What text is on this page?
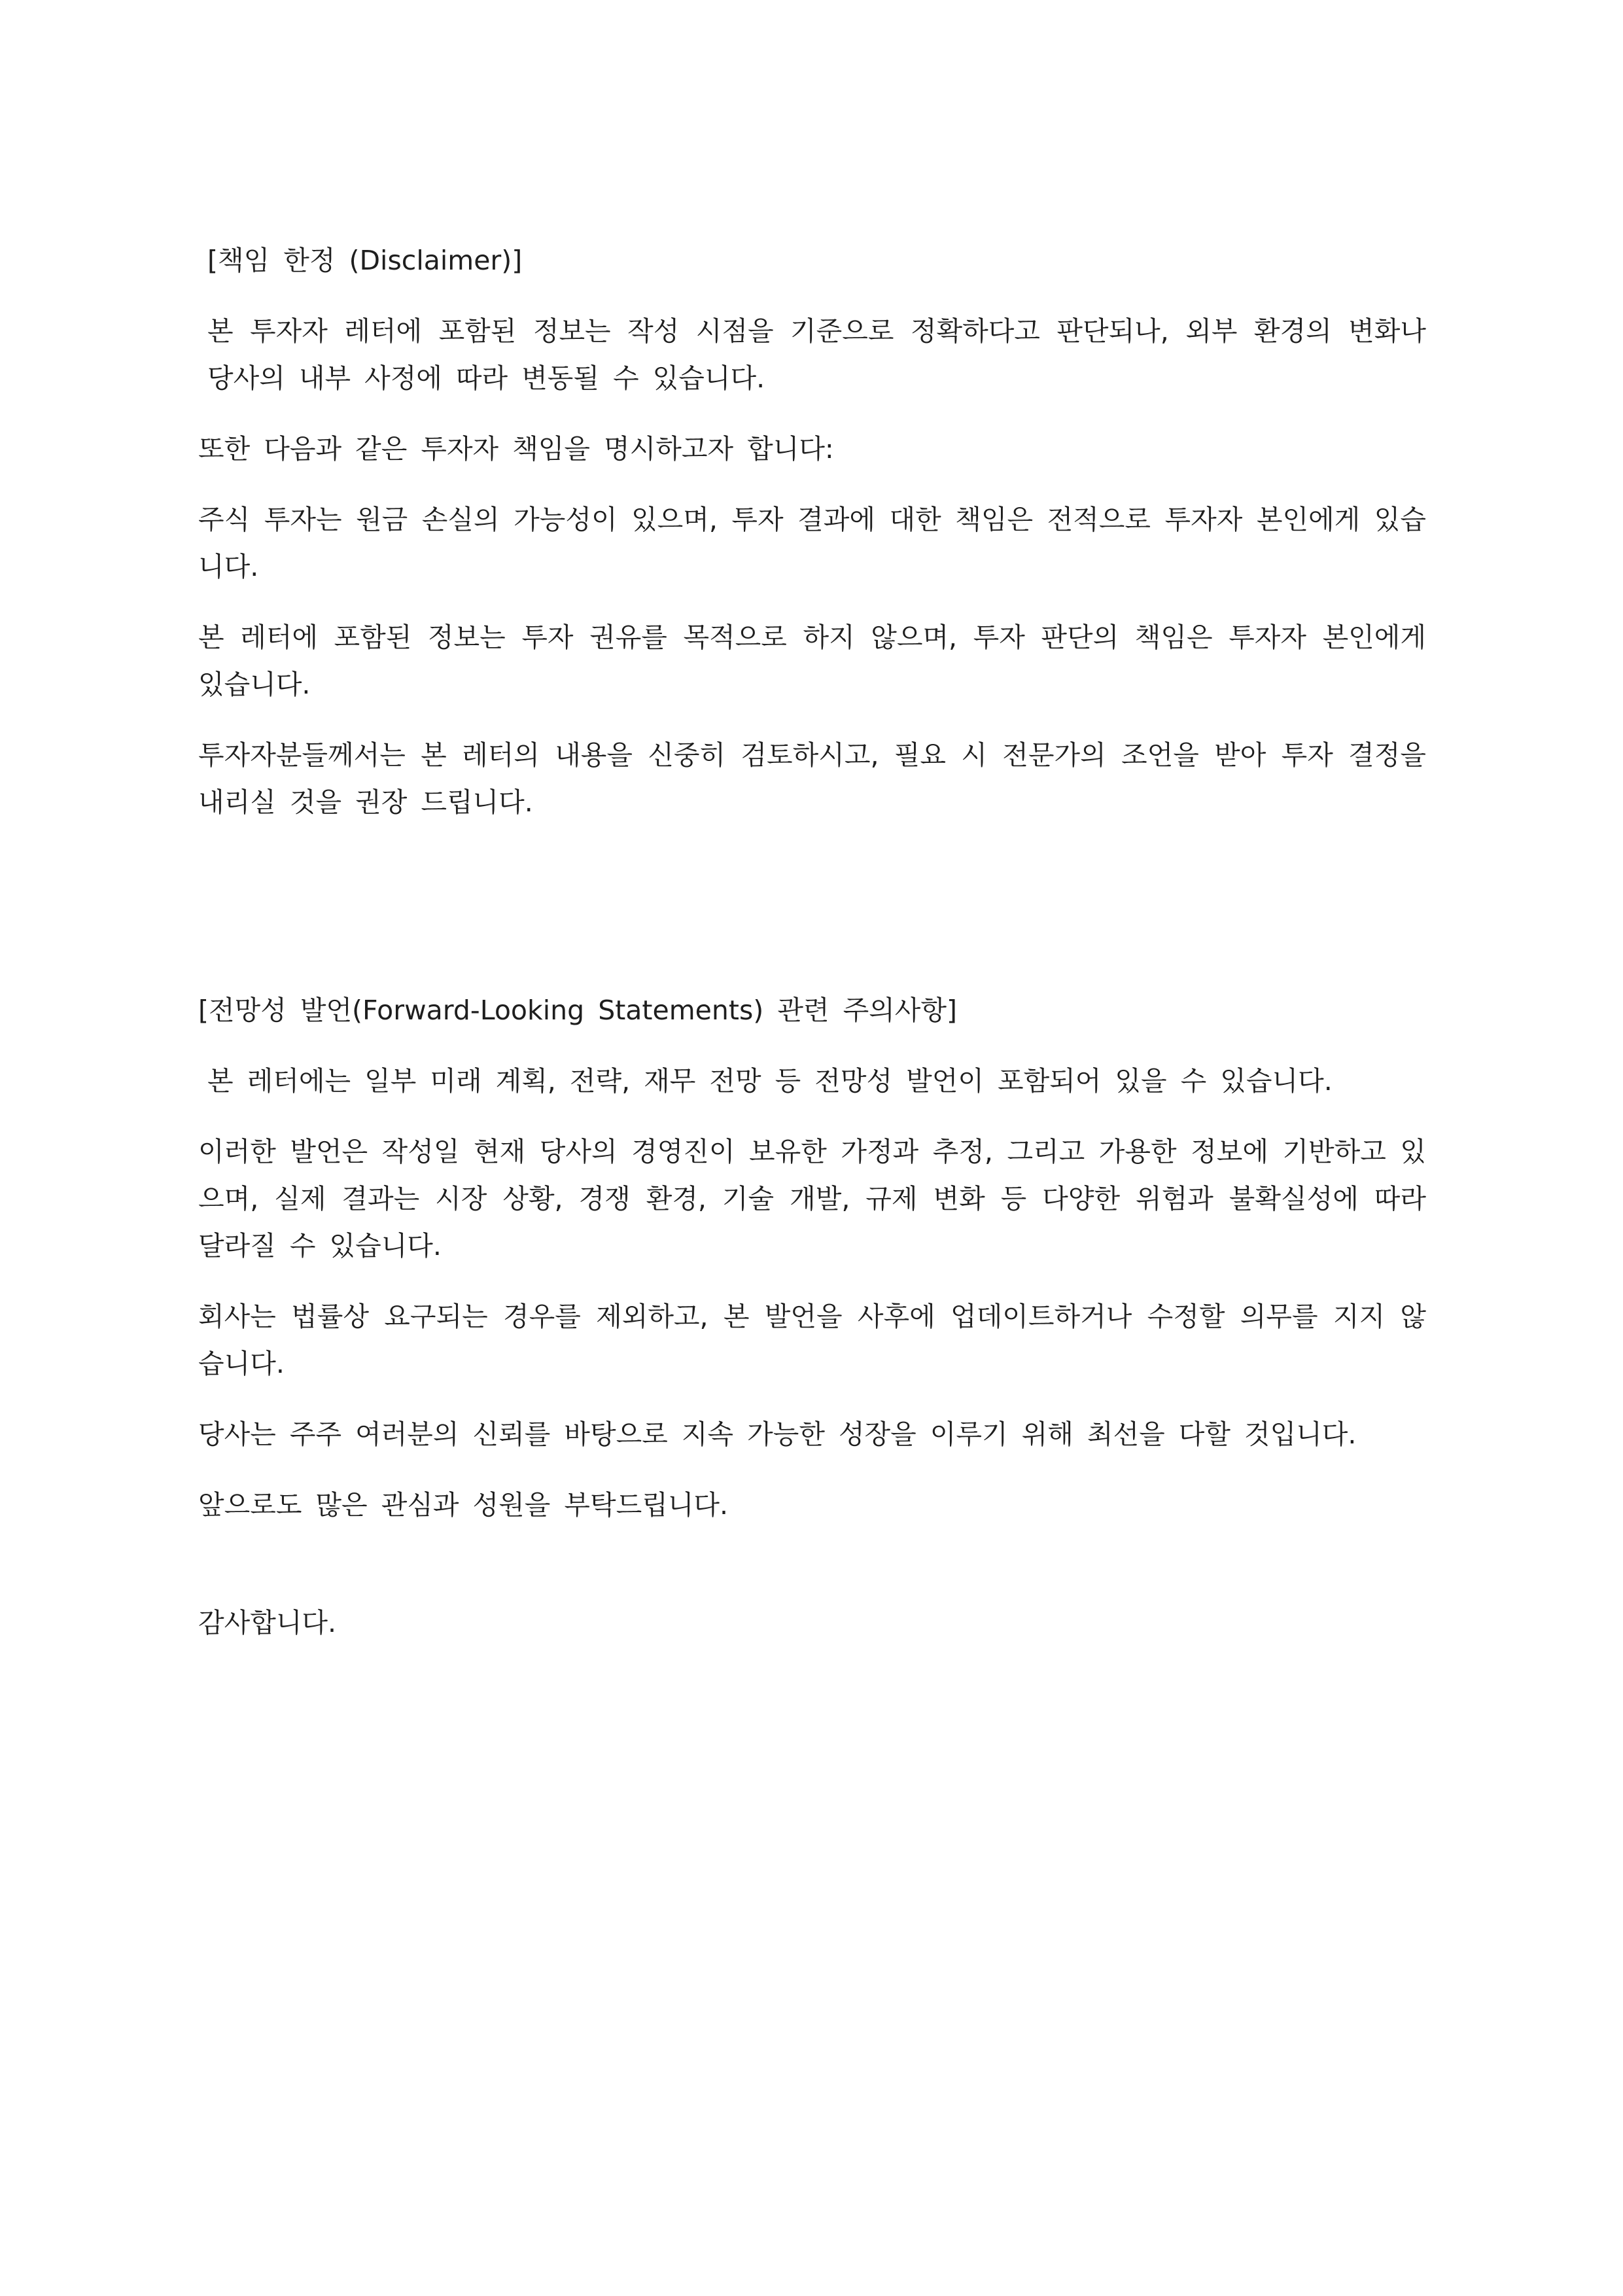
[책임 한정 (Disclaimer)]

본 투자자 레터에 포함된 정보는 작성 시점을 기준으로 정확하다고 판단되나, 외부 환경의 변화나 당사의 내부 사정에 따라 변동될 수 있습니다.

또한 다음과 같은 투자자 책임을 명시하고자 합니다:

주식 투자는 원금 손실의 가능성이 있으며, 투자 결과에 대한 책임은 전적으로 투자자 본인에게 있습니다.

본 레터에 포함된 정보는 투자 권유를 목적으로 하지 않으며, 투자 판단의 책임은 투자자 본인에게 있습니다.

투자자분들께서는 본 레터의 내용을 신중히 검토하시고, 필요 시 전문가의 조언을 받아 투자 결정을 내리실 것을 권장 드립니다.

[전망성 발언(Forward-Looking Statements) 관련 주의사항]

본 레터에는 일부 미래 계획, 전략, 재무 전망 등 전망성 발언이 포함되어 있을 수 있습니다.

이러한 발언은 작성일 현재 당사의 경영진이 보유한 가정과 추정, 그리고 가용한 정보에 기반하고 있으며, 실제 결과는 시장 상황, 경쟁 환경, 기술 개발, 규제 변화 등 다양한 위험과 불확실성에 따라 달라질 수 있습니다.

회사는 법률상 요구되는 경우를 제외하고, 본 발언을 사후에 업데이트하거나 수정할 의무를 지지 않습니다.

당사는 주주 여러분의 신뢰를 바탕으로 지속 가능한 성장을 이루기 위해 최선을 다할 것입니다.

앞으로도 많은 관심과 성원을 부탁드립니다.

감사합니다.
